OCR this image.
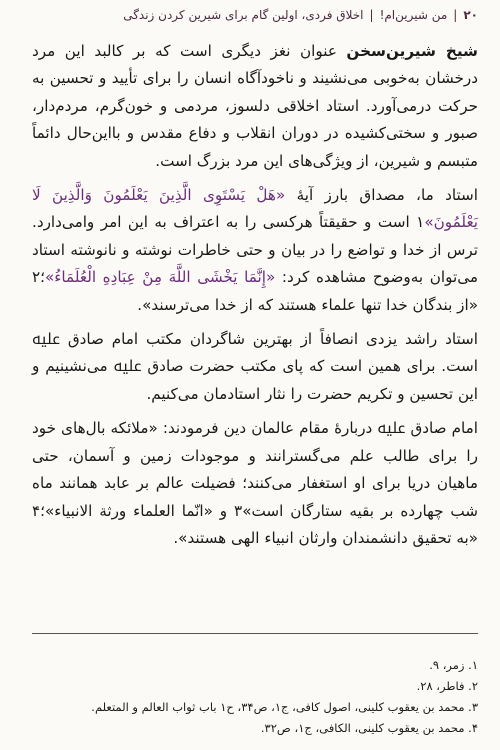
۲۰
|
من شیرین‌ام!
|
اخلاق فردی، اولین گام برای شیرین کردن زندگی

شیخ شیرین‌سخن عنوان نغز دیگری است که بر کالبد این مرد درخشان به‌خوبی می‌نشیند و ناخودآگاه انسان را برای تأیید و تحسین به حرکت درمی‌آورد. استاد اخلاقی دلسوز، مردمی و خون‌گرم، مردم‌دار، صبور و سختی‌کشیده در دوران انقلاب و دفاع مقدس و بااین‌حال دائماً متبسم و شیرین، از ویژگی‌های این مرد بزرگ است.

استاد ما، مصداق بارز آیهٔ «هَلْ یَسْتَوِی الَّذِینَ یَعْلَمُونَ وَالَّذِینَ لَا یَعْلَمُونَ»۱ است و حقیقتاً هرکسی را به اعتراف به این امر وامی‌دارد. ترس از خدا و تواضع را در بیان و حتی خاطرات نوشته و نانوشته استاد می‌توان به‌وضوح مشاهده کرد: «إِنَّمَا یَخْشَی اللَّهَ مِنْ عِبَادِهِ الْعُلَمَاءُ»؛۲ «از بندگان خدا تنها علماء هستند که از خدا می‌ترسند».

استاد راشد یزدی انصافاً از بهترین شاگردان مکتب امام صادق ﷷ است. برای همین است که پای مکتب حضرت صادق ﷷ می‌نشینیم و این تحسین و تکریم حضرت را نثار استادمان می‌کنیم.

امام صادق ﷷ دربارهٔ مقام عالمان دین فرمودند: «ملائکه بال‌های خود را برای طالب علم می‌گسترانند و موجودات زمین و آسمان، حتی ماهیان دریا برای او استغفار می‌کنند؛ فضیلت عالم بر عابد همانند ماه شب چهارده بر بقیه ستارگان است»۳ و «انّما العلماء ورثة الانبیاء»؛۴ «به تحقیق دانشمندان وارثان انبیاء الهی هستند».

۱. زمر، ۹.
۲. فاطر، ۲۸.
۳. محمد بن یعقوب کلینی، اصول کافی، ج۱، ص۳۴، ح۱ باب ثواب العالم و المتعلم.
۴. محمد بن یعقوب کلینی، الکافی، ج۱، ص۳۲.
